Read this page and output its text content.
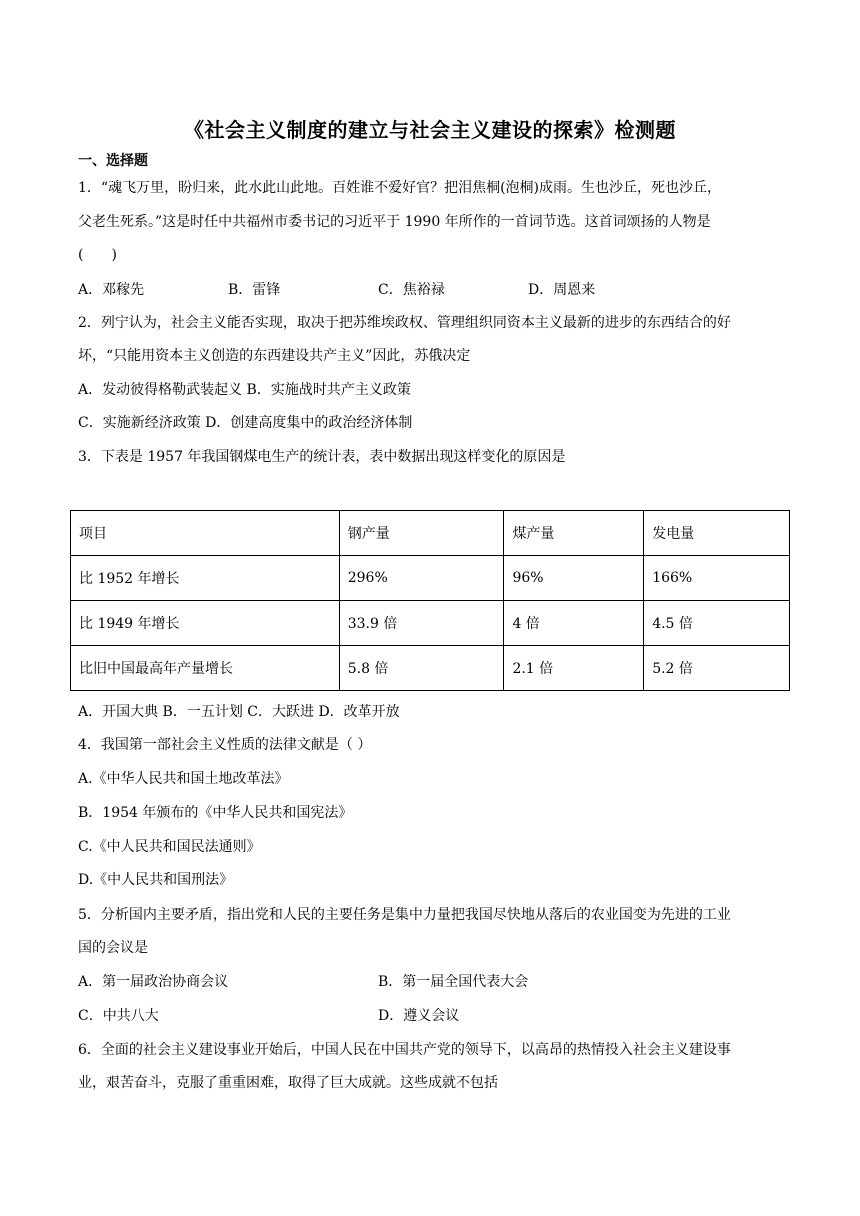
《社会主义制度的建立与社会主义建设的探索》检测题
一、选择题
1．“魂飞万里，盼归来，此水此山此地。百姓谁不爱好官？把泪焦桐(泡桐)成雨。生也沙丘，死也沙丘，
父老生死系。”这是时任中共福州市委书记的习近平于 1990 年所作的一首词节选。这首词颂扬的人物是
(　　)
A．邓稼先	B．雷锋	C．焦裕禄	D．周恩来
2．列宁认为，社会主义能否实现，取决于把苏维埃政权、管理组织同资本主义最新的进步的东西结合的好
坏，“只能用资本主义创造的东西建设共产主义”因此，苏俄决定
A．发动彼得格勒武装起义 B．实施战时共产主义政策
C．实施新经济政策 D．创建高度集中的政治经济体制
3．下表是 1957 年我国钢煤电生产的统计表，表中数据出现这样变化的原因是
项目	钢产量	煤产量	发电量
比 1952 年增长	296%	96%	166%
比 1949 年增长	33.9 倍	4 倍	4.5 倍
比旧中国最高年产量增长	5.8 倍	2.1 倍	5.2 倍
A．开国大典 B．一五计划 C．大跃进 D．改革开放
4．我国第一部社会主义性质的法律文献是（ ）
A.《中华人民共和国土地改革法》
B．1954 年颁布的《中华人民共和国宪法》
C.《中人民共和国民法通则》
D.《中人民共和国刑法》
5．分析国内主要矛盾，指出党和人民的主要任务是集中力量把我国尽快地从落后的农业国变为先进的工业
国的会议是
A．第一届政治协商会议	B．第一届全国代表大会
C．中共八大	D．遵义会议
6．全面的社会主义建设事业开始后，中国人民在中国共产党的领导下，以高昂的热情投入社会主义建设事
业，艰苦奋斗，克服了重重困难，取得了巨大成就。这些成就不包括
